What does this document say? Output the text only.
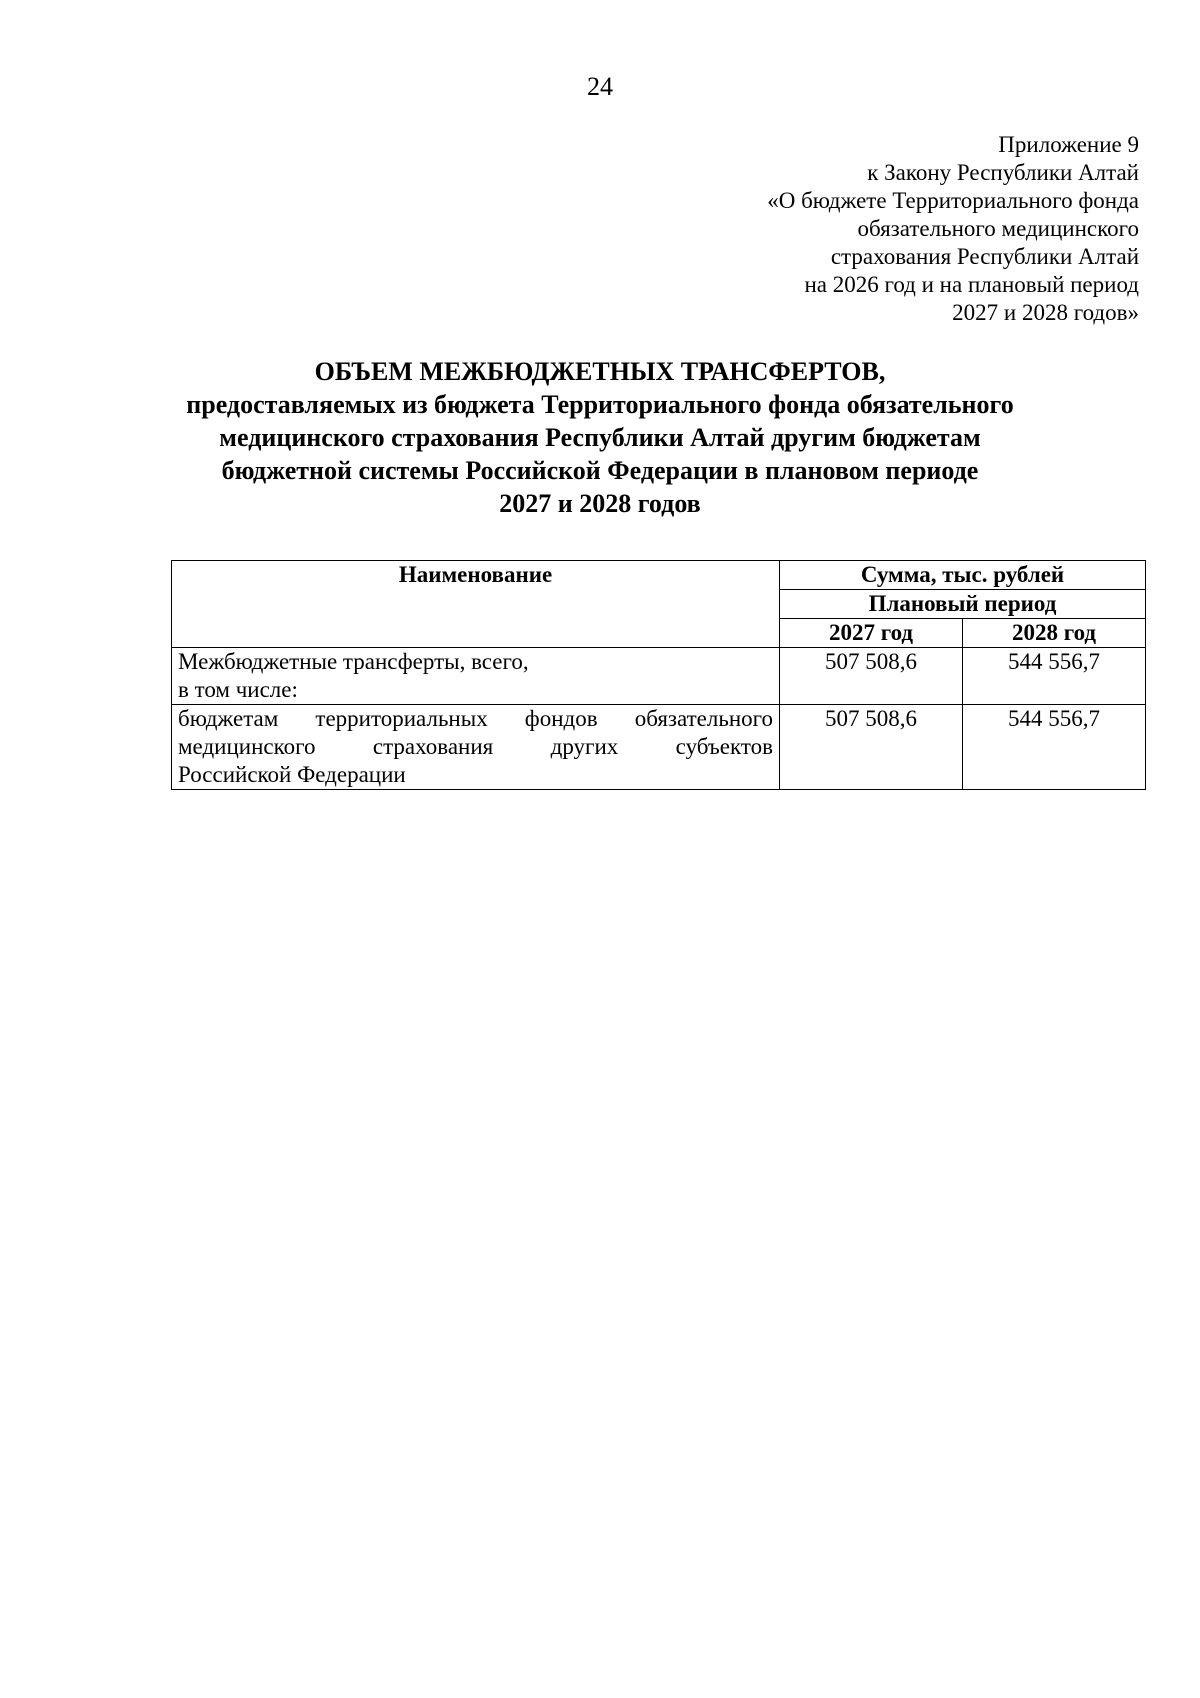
24
Приложение 9
к Закону Республики Алтай
«О бюджете Территориального фонда
обязательного медицинского
страхования Республики Алтай
на 2026 год и на плановый период
2027 и 2028 годов»
ОБЪЕМ МЕЖБЮДЖЕТНЫХ ТРАНСФЕРТОВ,
предоставляемых из бюджета Территориального фонда обязательного
медицинского страхования Республики Алтай другим бюджетам
бюджетной системы Российской Федерации в плановом периоде
2027 и 2028 годов
Наименование	Сумма, тыс. рублей	
	Плановый период	
	2027 год	2028 год

Межбюджетные трансферты, всего,
в том числе:	507 508,6	544 556,7

бюджетам территориальных фондов обязательного
медицинского страхования других субъектов
Российской Федерации	507 508,6	544 556,7
